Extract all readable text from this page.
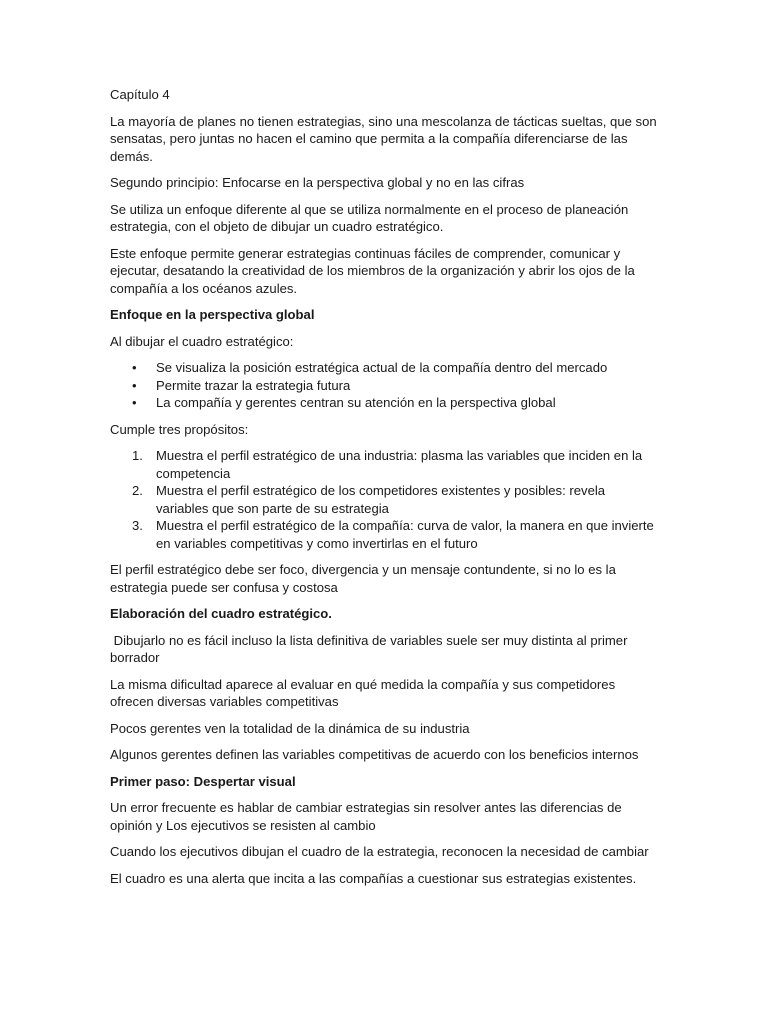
Capítulo 4

La mayoría de planes no tienen estrategias, sino una mescolanza de tácticas sueltas, que son sensatas, pero juntas no hacen el camino que permita a la compañía diferenciarse de las demás.

Segundo principio: Enfocarse en la perspectiva global y no en las cifras

Se utiliza un enfoque diferente al que se utiliza normalmente en el proceso de planeación estrategia, con el objeto de dibujar un cuadro estratégico.

Este enfoque permite generar estrategias continuas fáciles de comprender, comunicar y ejecutar, desatando la creatividad de los miembros de la organización y abrir los ojos de la compañía a los océanos azules.

Enfoque en la perspectiva global

Al dibujar el cuadro estratégico:

• Se visualiza la posición estratégica actual de la compañía dentro del mercado
• Permite trazar la estrategia futura
• La compañía y gerentes centran su atención en la perspectiva global

Cumple tres propósitos:

1. Muestra el perfil estratégico de una industria: plasma las variables que inciden en la competencia
2. Muestra el perfil estratégico de los competidores existentes y posibles: revela variables que son parte de su estrategia
3. Muestra el perfil estratégico de la compañía: curva de valor, la manera en que invierte en variables competitivas y como invertirlas en el futuro

El perfil estratégico debe ser foco, divergencia y un mensaje contundente, si no lo es la estrategia puede ser confusa y costosa

Elaboración del cuadro estratégico.

Dibujarlo no es fácil incluso la lista definitiva de variables suele ser muy distinta al primer borrador

La misma dificultad aparece al evaluar en qué medida la compañía y sus competidores ofrecen diversas variables competitivas

Pocos gerentes ven la totalidad de la dinámica de su industria

Algunos gerentes definen las variables competitivas de acuerdo con los beneficios internos

Primer paso: Despertar visual

Un error frecuente es hablar de cambiar estrategias sin resolver antes las diferencias de opinión y Los ejecutivos se resisten al cambio

Cuando los ejecutivos dibujan el cuadro de la estrategia, reconocen la necesidad de cambiar

El cuadro es una alerta que incita a las compañías a cuestionar sus estrategias existentes.
